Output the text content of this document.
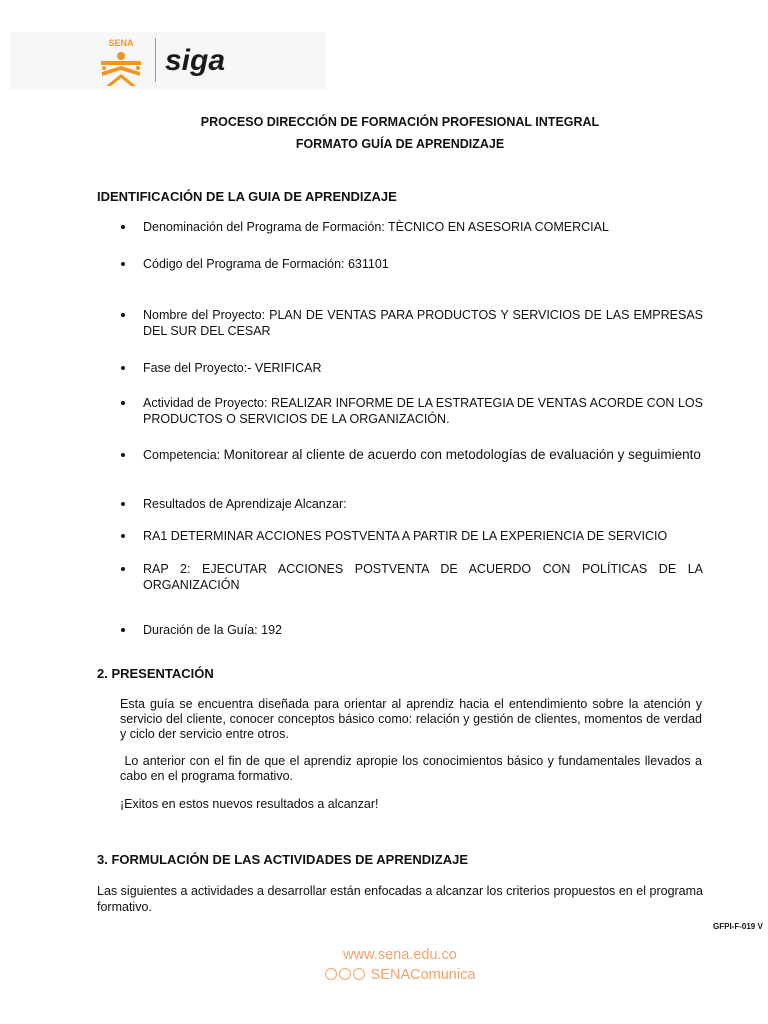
SENA
siga
PROCESO DIRECCIÓN DE FORMACIÓN PROFESIONAL INTEGRAL
FORMATO GUÍA DE APRENDIZAJE
IDENTIFICACIÓN DE LA GUIA DE APRENDIZAJE
Denominación del Programa de Formación: TÈCNICO EN ASESORIA COMERCIAL
Código del Programa de Formación: 631101
Nombre del Proyecto: PLAN DE VENTAS PARA PRODUCTOS Y SERVICIOS DE LAS EMPRESAS DEL SUR DEL CESAR
Fase del Proyecto:- VERIFICAR
Actividad de Proyecto: REALIZAR INFORME DE LA ESTRATEGIA DE VENTAS ACORDE CON LOS PRODUCTOS O SERVICIOS DE LA ORGANIZACIÓN.
Competencia: Monitorear al cliente de acuerdo con metodologías de evaluación y seguimiento
Resultados de Aprendizaje Alcanzar:
RA1 DETERMINAR ACCIONES POSTVENTA A PARTIR DE LA EXPERIENCIA DE SERVICIO
RAP 2: EJECUTAR ACCIONES POSTVENTA DE ACUERDO CON POLÍTICAS DE LA ORGANIZACIÓN
Duración de la Guía: 192
2. PRESENTACIÓN
Esta guía se encuentra diseñada para orientar al aprendiz hacia el entendimiento sobre la atención y servicio del cliente, conocer conceptos básico como: relación y gestión de clientes, momentos de verdad y ciclo der servicio entre otros.
Lo anterior con el fin de que el aprendiz apropie los conocimientos básico y fundamentales llevados a cabo en el programa formativo.
¡Exitos en estos nuevos resultados a alcanzar!
3. FORMULACIÓN DE LAS ACTIVIDADES DE APRENDIZAJE
Las siguientes a actividades a desarrollar están enfocadas a alcanzar los criterios propuestos en el programa formativo.
GFPI-F-019 V
www.sena.edu.co
SENAComunica
